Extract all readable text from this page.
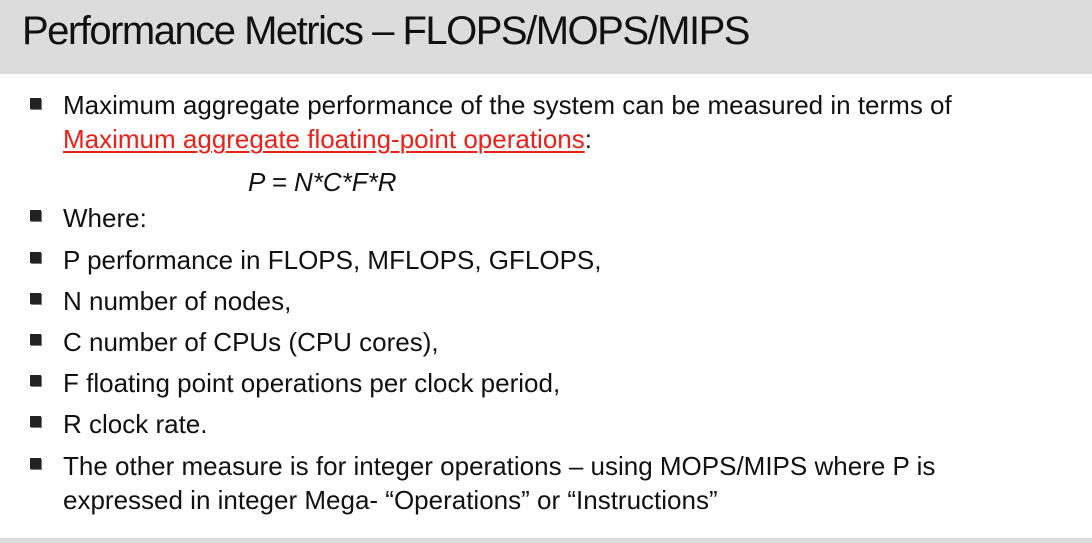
Performance Metrics – FLOPS/MOPS/MIPS
Maximum aggregate performance of the system can be measured in terms of
Maximum aggregate floating-point operations:
P = N*C*F*R
Where:
P performance in FLOPS, MFLOPS, GFLOPS,
N number of nodes,
C number of CPUs (CPU cores),
F floating point operations per clock period,
R clock rate.
The other measure is for integer operations – using MOPS/MIPS where P is
expressed in integer Mega- “Operations” or “Instructions”
